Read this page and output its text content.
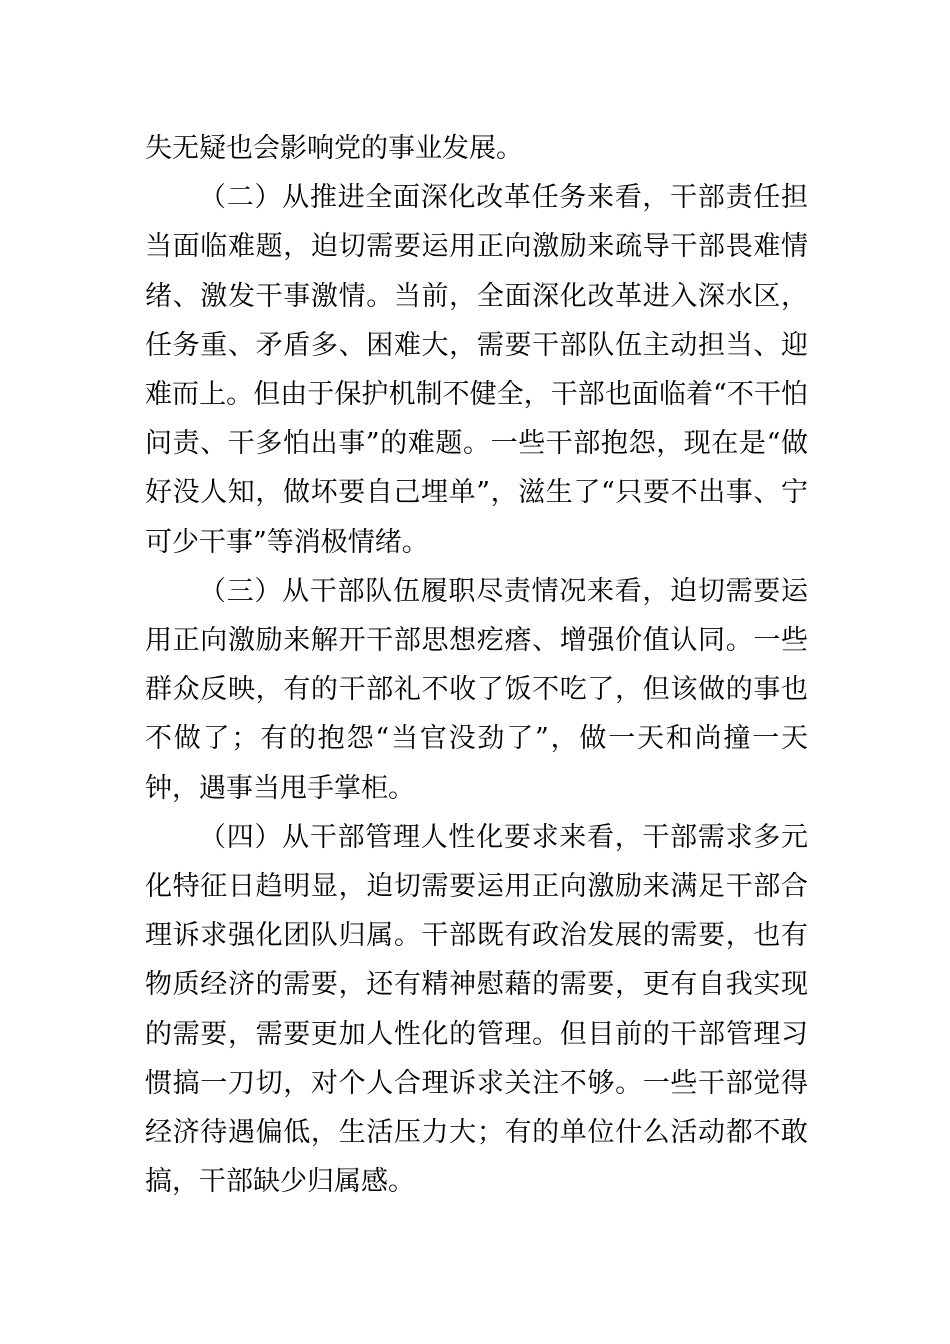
失无疑也会影响党的事业发展。

（二）从推进全面深化改革任务来看，干部责任担当面临难题，迫切需要运用正向激励来疏导干部畏难情绪、激发干事激情。当前，全面深化改革进入深水区，任务重、矛盾多、困难大，需要干部队伍主动担当、迎难而上。但由于保护机制不健全，干部也面临着“不干怕问责、干多怕出事”的难题。一些干部抱怨，现在是“做好没人知，做坏要自己埋单”，滋生了“只要不出事、宁可少干事”等消极情绪。

（三）从干部队伍履职尽责情况来看，迫切需要运用正向激励来解开干部思想疙瘩、增强价值认同。一些群众反映，有的干部礼不收了饭不吃了，但该做的事也不做了；有的抱怨“当官没劲了”，做一天和尚撞一天钟，遇事当甩手掌柜。

（四）从干部管理人性化要求来看，干部需求多元化特征日趋明显，迫切需要运用正向激励来满足干部合理诉求强化团队归属。干部既有政治发展的需要，也有物质经济的需要，还有精神慰藉的需要，更有自我实现的需要，需要更加人性化的管理。但目前的干部管理习惯搞一刀切，对个人合理诉求关注不够。一些干部觉得经济待遇偏低，生活压力大；有的单位什么活动都不敢搞，干部缺少归属感。
